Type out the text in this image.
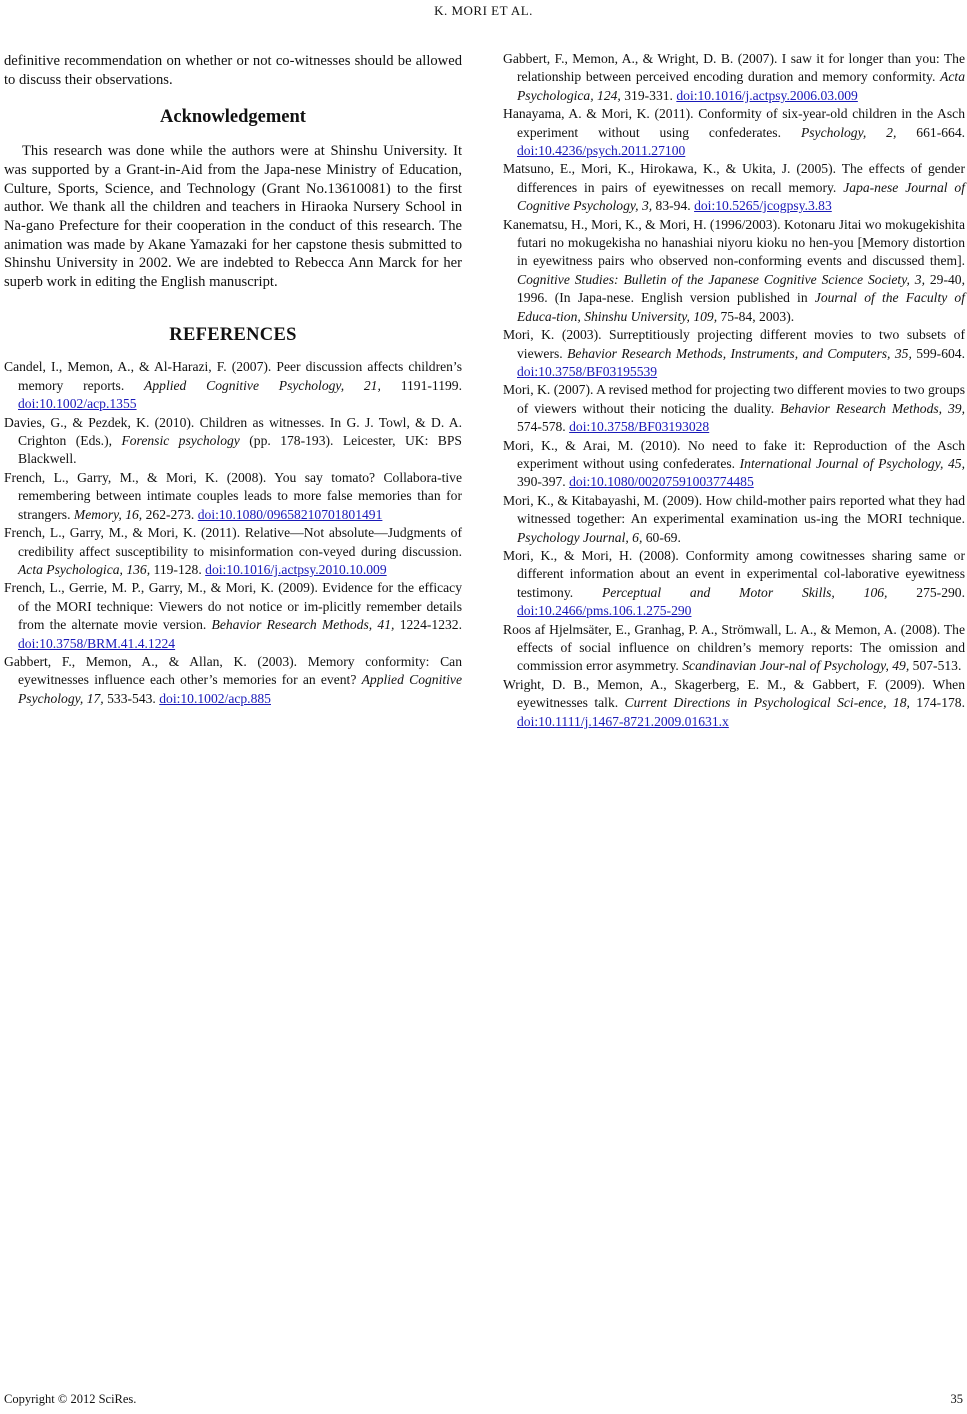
K. MORI ET AL.

definitive recommendation on whether or not co-witnesses should be allowed to discuss their observations.

Acknowledgement

This research was done while the authors were at Shinshu University. It was supported by a Grant-in-Aid from the Japa-nese Ministry of Education, Culture, Sports, Science, and Technology (Grant No.13610081) to the first author. We thank all the children and teachers in Hiraoka Nursery School in Na-gano Prefecture for their cooperation in the conduct of this research. The animation was made by Akane Yamazaki for her capstone thesis submitted to Shinshu University in 2002. We are indebted to Rebecca Ann Marck for her superb work in editing the English manuscript.

REFERENCES

Candel, I., Memon, A., & Al-Harazi, F. (2007). Peer discussion affects children’s memory reports. Applied Cognitive Psychology, 21, 1191-1199. doi:10.1002/acp.1355

Davies, G., & Pezdek, K. (2010). Children as witnesses. In G. J. Towl, & D. A. Crighton (Eds.), Forensic psychology (pp. 178-193). Leicester, UK: BPS Blackwell.

French, L., Garry, M., & Mori, K. (2008). You say tomato? Collabora-tive remembering between intimate couples leads to more false memories than for strangers. Memory, 16, 262-273. doi:10.1080/09658210701801491

French, L., Garry, M., & Mori, K. (2011). Relative—Not absolute—Judgments of credibility affect susceptibility to misinformation con-veyed during discussion. Acta Psychologica, 136, 119-128. doi:10.1016/j.actpsy.2010.10.009

French, L., Gerrie, M. P., Garry, M., & Mori, K. (2009). Evidence for the efficacy of the MORI technique: Viewers do not notice or im-plicitly remember details from the alternate movie version. Behavior Research Methods, 41, 1224-1232. doi:10.3758/BRM.41.4.1224

Gabbert, F., Memon, A., & Allan, K. (2003). Memory conformity: Can eyewitnesses influence each other’s memories for an event? Applied Cognitive Psychology, 17, 533-543. doi:10.1002/acp.885

Gabbert, F., Memon, A., & Wright, D. B. (2007). I saw it for longer than you: The relationship between perceived encoding duration and memory conformity. Acta Psychologica, 124, 319-331. doi:10.1016/j.actpsy.2006.03.009

Hanayama, A. & Mori, K. (2011). Conformity of six-year-old children in the Asch experiment without using confederates. Psychology, 2, 661-664. doi:10.4236/psych.2011.27100

Matsuno, E., Mori, K., Hirokawa, K., & Ukita, J. (2005). The effects of gender differences in pairs of eyewitnesses on recall memory. Japa-nese Journal of Cognitive Psychology, 3, 83-94. doi:10.5265/jcogpsy.3.83

Kanematsu, H., Mori, K., & Mori, H. (1996/2003). Kotonaru Jitai wo mokugekishita futari no mokugekisha no hanashiai niyoru kioku no hen-you [Memory distortion in eyewitness pairs who observed non-conforming events and discussed them]. Cognitive Studies: Bulletin of the Japanese Cognitive Science Society, 3, 29-40, 1996. (In Japa-nese. English version published in Journal of the Faculty of Educa-tion, Shinshu University, 109, 75-84, 2003).

Mori, K. (2003). Surreptitiously projecting different movies to two subsets of viewers. Behavior Research Methods, Instruments, and Computers, 35, 599-604. doi:10.3758/BF03195539

Mori, K. (2007). A revised method for projecting two different movies to two groups of viewers without their noticing the duality. Behavior Research Methods, 39, 574-578. doi:10.3758/BF03193028

Mori, K., & Arai, M. (2010). No need to fake it: Reproduction of the Asch experiment without using confederates. International Journal of Psychology, 45, 390-397. doi:10.1080/00207591003774485

Mori, K., & Kitabayashi, M. (2009). How child-mother pairs reported what they had witnessed together: An experimental examination us-ing the MORI technique. Psychology Journal, 6, 60-69.

Mori, K., & Mori, H. (2008). Conformity among cowitnesses sharing same or different information about an event in experimental col-laborative eyewitness testimony. Perceptual and Motor Skills, 106, 275-290. doi:10.2466/pms.106.1.275-290

Roos af Hjelmsäter, E., Granhag, P. A., Strömwall, L. A., & Memon, A. (2008). The effects of social influence on children’s memory reports: The omission and commission error asymmetry. Scandinavian Jour-nal of Psychology, 49, 507-513.

Wright, D. B., Memon, A., Skagerberg, E. M., & Gabbert, F. (2009). When eyewitnesses talk. Current Directions in Psychological Sci-ence, 18, 174-178. doi:10.1111/j.1467-8721.2009.01631.x

Copyright © 2012 SciRes.	35
